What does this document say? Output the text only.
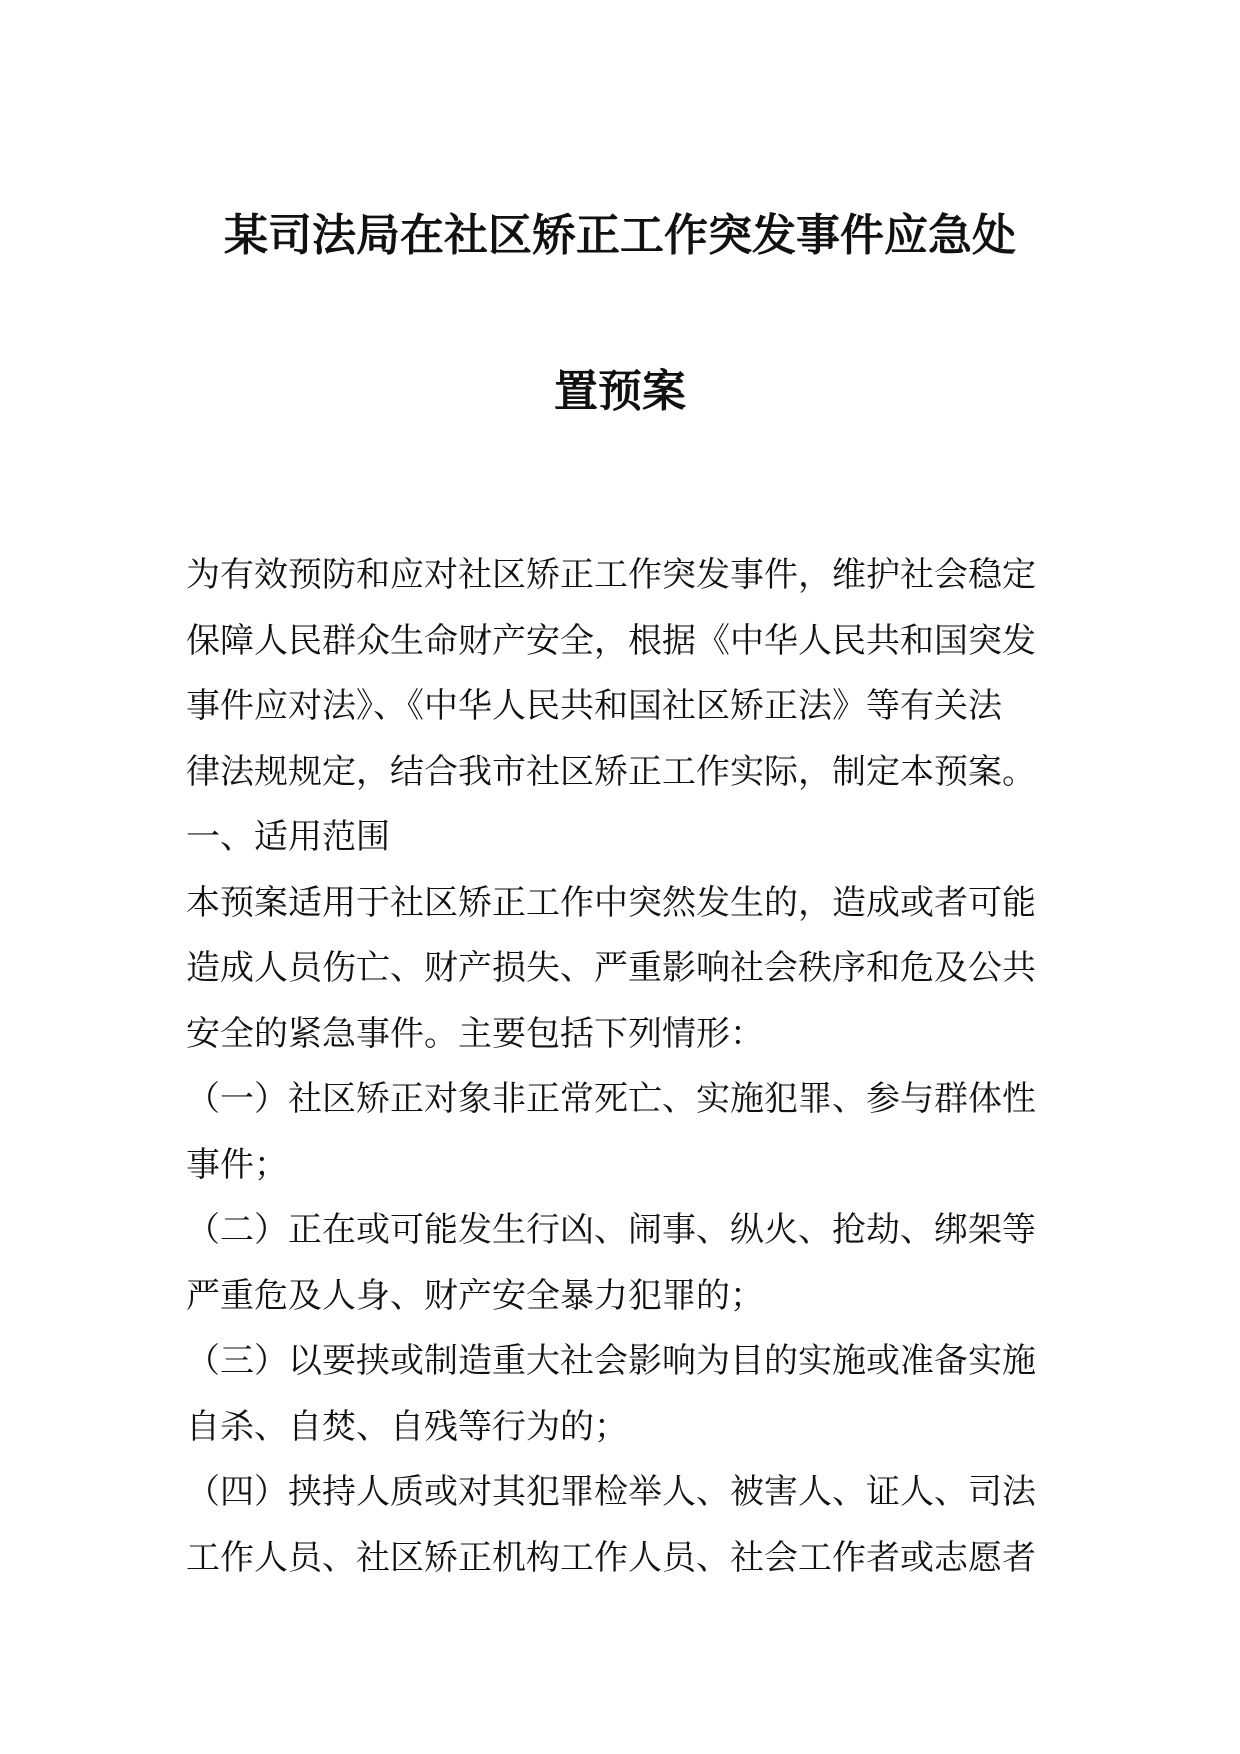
某司法局在社区矫正工作突发事件应急处
置预案
为有效预防和应对社区矫正工作突发事件，维护社会稳定
保障人民群众生命财产安全，根据《中华人民共和国突发
事件应对法》、《中华人民共和国社区矫正法》等有关法
律法规规定，结合我市社区矫正工作实际，制定本预案。
一、适用范围
本预案适用于社区矫正工作中突然发生的，造成或者可能
造成人员伤亡、财产损失、严重影响社会秩序和危及公共
安全的紧急事件。主要包括下列情形：
（一）社区矫正对象非正常死亡、实施犯罪、参与群体性
事件；
（二）正在或可能发生行凶、闹事、纵火、抢劫、绑架等
严重危及人身、财产安全暴力犯罪的；
（三）以要挟或制造重大社会影响为目的实施或准备实施
自杀、自焚、自残等行为的；
（四）挟持人质或对其犯罪检举人、被害人、证人、司法
工作人员、社区矫正机构工作人员、社会工作者或志愿者
